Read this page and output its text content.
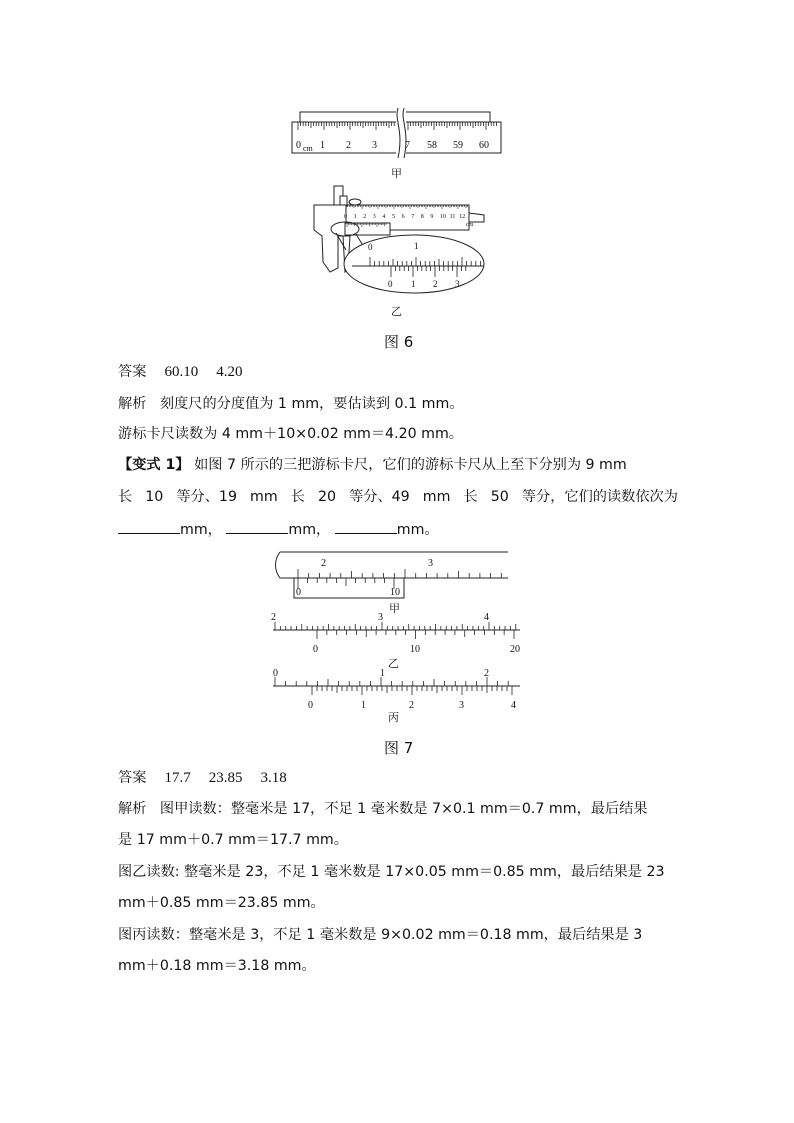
0 cm 1 2 3	7 58 59 60
cm
0 1 2 3 4 5 6 7 8 9 10 11 12
0	1
0 1 2 3
甲
乙
图 6
答案 60.10 4.20
解析 刻度尺的分度值为 1 mm，要估读到 0.1 mm。
游标卡尺读数为 4 mm＋10×0.02 mm＝4.20 mm。
【变式 1】 如图 7 所示的三把游标卡尺，它们的游标卡尺从上至下分别为 9 mm
长 10 等分、19 mm 长 20 等分、49 mm 长 50 等分，它们的读数依次为
mm，	mm，	mm。
2	3
0	10
2	3	4
0	10	20
0	1	2
0	1	2	3	4
甲
乙
丙
图 7
答案 17.7 23.85 3.18
解析 图甲读数：整毫米是 17，不足 1 毫米数是 7×0.1 mm＝0.7 mm，最后结果
是 17 mm＋0.7 mm＝17.7 mm。
图乙读数: 整毫米是 23，不足 1 毫米数是 17×0.05 mm＝0.85 mm，最后结果是 23
mm＋0.85 mm＝23.85 mm。
图丙读数：整毫米是 3，不足 1 毫米数是 9×0.02 mm＝0.18 mm，最后结果是 3
mm＋0.18 mm＝3.18 mm。
